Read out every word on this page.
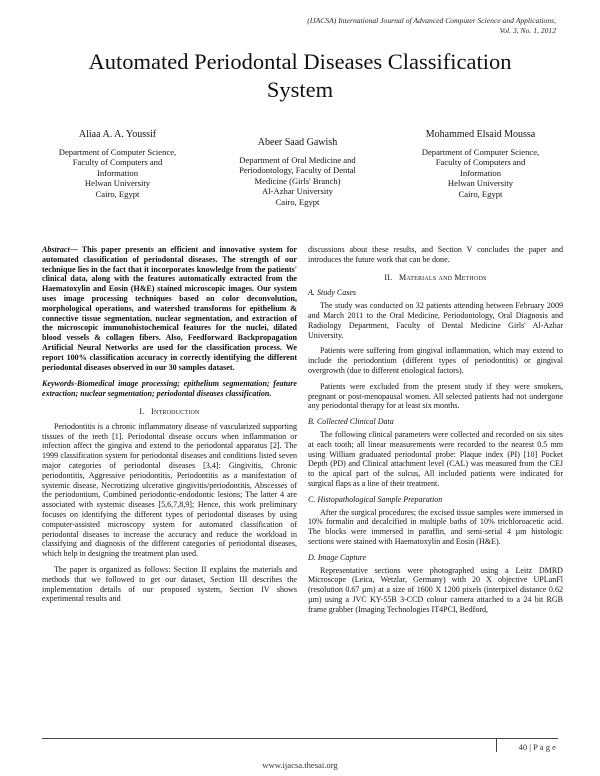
(IJACSA) International Journal of Advanced Computer Science and Applications,
Vol. 3, No. 1, 2012
Automated Periodontal Diseases Classification
System
Aliaa A. A. Youssif
Department of Computer Science,
Faculty of Computers and
Information
Helwan University
Cairo, Egypt
Abeer Saad Gawish
Department of Oral Medicine and
Periodontology, Faculty of Dental
Medicine (Girls' Branch)
Al-Azhar University
Cairo, Egypt
Mohammed Elsaid Moussa
Department of Computer Science,
Faculty of Computers and
Information
Helwan University
Cairo, Egypt
Abstract— This paper presents an efficient and innovative system for automated classification of periodontal diseases. The strength of our technique lies in the fact that it incorporates knowledge from the patients' clinical data, along with the features automatically extracted from the Haematoxylin and Eosin (H&E) stained microscopic images. Our system uses image processing techniques based on color deconvolution, morphological operations, and watershed transforms for epithelium & connective tissue segmentation, nuclear segmentation, and extraction of the microscopic immunohistochemical features for the nuclei, dilated blood vessels & collagen fibers. Also, Feedforward Backpropagation Artificial Neural Networks are used for the classification process. We report 100% classification accuracy in correctly identifying the different periodontal diseases observed in our 30 samples dataset.
Keywords-Biomedical image processing; epithelium segmentation; feature extraction; nuclear segmentation; periodontal diseases classification.
I. Introduction

Periodontitis is a chronic inflammatory disease of vascularized supporting tissues of the teeth [1]. Periodontal disease occurs when inflammation or infection affect the gingiva and extend to the periodontal apparatus [2]. The 1999 classification system for periodontal diseases and conditions listed seven major categories of periodontal diseases [3,4]: Gingivitis, Chronic periodontitis, Aggressive periodontitis, Periodontitis as a manifestation of systemic disease, Necrotizing ulcerative gingivitis/periodontitis, Abscesses of the periodontium, Combined periodontic-endodontic lesions; The latter 4 are associated with systemic diseases [5,6,7,8,9]; Hence, this work preliminary focuses on identifying the different types of periodontal diseases by using computer-assisted microscopy system for automated classification of periodontal diseases to increase the accuracy and reduce the workload in classifying and diagnosis of the different categories of periodontal diseases, which help in designing the treatment plan used.

The paper is organized as follows: Section II explains the materials and methods that we followed to get our dataset, Section III describes the implementation details of our proposed system, Section IV shows experimental results and

discussions about these results, and Section V concludes the paper and introduces the future work that can be done.

II. Materials and Methods
A. Study Cases

The study was conducted on 32 patients attending between February 2009 and March 2011 to the Oral Medicine, Periodontology, Oral Diagnosis and Radiology Department, Faculty of Dental Medicine Girls' Al-Azhar University.

Patients were suffering from gingival inflammation, which may extend to include the periodontium (different types of periodontitis) or gingival overgrowth (due to different etiological factors).

Patients were excluded from the present study if they were smokers, pregnant or post-menopausal women. All selected patients had not undergone any periodontal therapy for at least six months.

B. Collected Clinical Data

The following clinical parameters were collected and recorded on six sites at each tooth; all linear measurements were recorded to the nearest 0.5 mm using William graduated periodontal probe: Plaque index (PI) [10] Pocket Depth (PD) and Clinical attachment level (CAL) was measured from the CEJ to the apical part of the sulcus, All included patients were indicated for surgical flaps as a line of their treatment.

C. Histopathological Sample Preparation

After the surgical procedures; the excised tissue samples were immersed in 10% formalin and decalcified in multiple baths of 10% trichloroacetic acid. The blocks were immersed in paraffin, and semi-serial 4 µm histologic sections were stained with Haematoxylin and Eosin (H&E).

D. Image Capture

Representative sections were photographed using a Leitz DMRD Microscope (Leica, Wetzlar, Germany) with 20 X objective UPLanFl (resolution 0.67 µm) at a size of 1600 X 1200 pixels (interpixel distance 0.62 µm) using a JVC KY-55B 3-CCD colour camera attached to a 24 bit RGB frame grabber (Imaging Technologies IT4PCI, Bedford,

40 | P a g e
www.ijacsa.thesai.org
